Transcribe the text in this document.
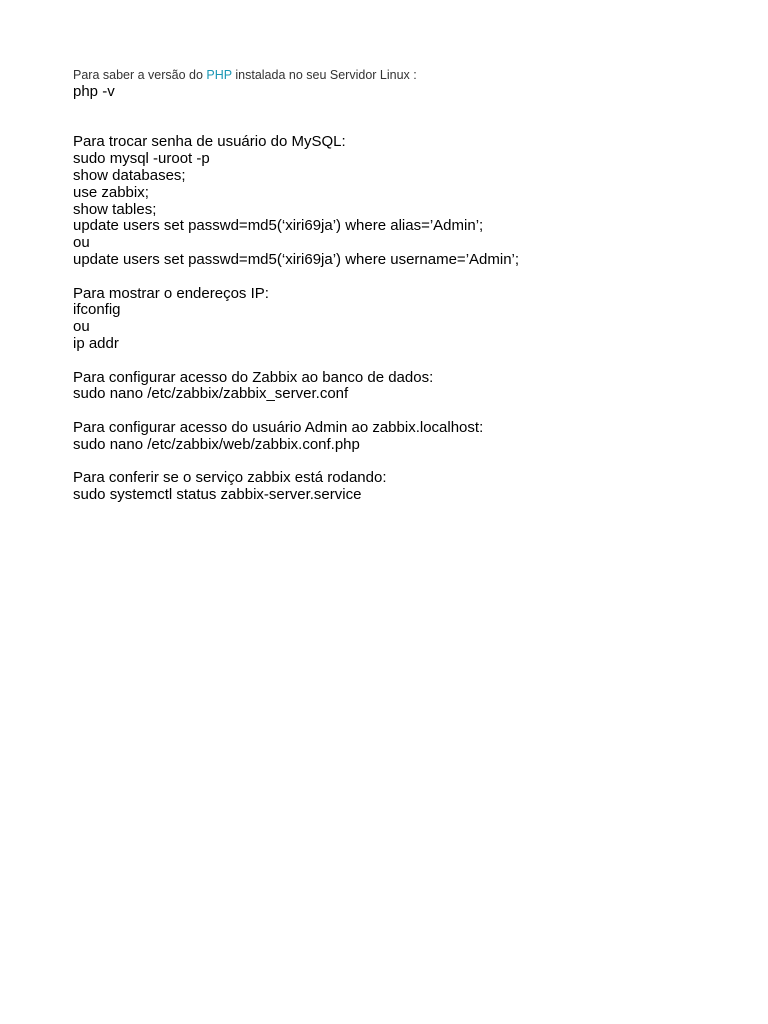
Para saber a versão do PHP instalada no seu Servidor Linux :
php -v
Para trocar senha de usuário do MySQL:
sudo mysql -uroot -p
show databases;
use zabbix;
show tables;
update users set passwd=md5(‘xiri69ja’) where alias=’Admin’;
ou
update users set passwd=md5(‘xiri69ja’) where username=’Admin’;
Para mostrar o endereços IP:
ifconfig
ou
ip addr
Para configurar acesso do Zabbix ao banco de dados:
sudo nano /etc/zabbix/zabbix_server.conf
Para configurar acesso do usuário Admin ao zabbix.localhost:
sudo nano /etc/zabbix/web/zabbix.conf.php
Para conferir se o serviço zabbix está rodando:
sudo systemctl status zabbix-server.service
